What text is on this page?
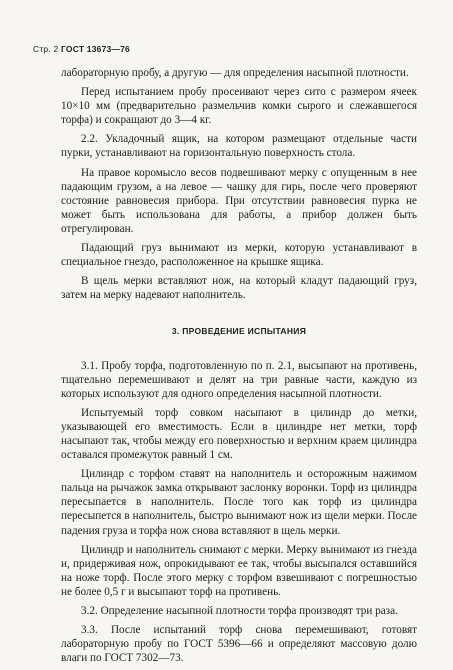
Стр. 2 ГОСТ 13673—76

лабораторную пробу, а другую — для определения насыпной плотности.

Перед испытанием пробу просеивают через сито с размером ячеек 10×10 мм (предварительно размельчив комки сырого и слежавшегося торфа) и сокращают до 3—4 кг.

2.2. Укладочный ящик, на котором размещают отдельные части пурки, устанавливают на горизонтальную поверхность стола.

На правое коромысло весов подвешивают мерку с опущенным в нее падающим грузом, а на левое — чашку для гирь, после чего проверяют состояние равновесия прибора. При отсутствии равновесия пурка не может быть использована для работы, а прибор должен быть отрегулирован.

Падающий груз вынимают из мерки, которую устанавливают в специальное гнездо, расположенное на крышке ящика.

В щель мерки вставляют нож, на который кладут падающий груз, затем на мерку надевают наполнитель.

3. ПРОВЕДЕНИЕ ИСПЫТАНИЯ

3.1. Пробу торфа, подготовленную по п. 2.1, высыпают на противень, тщательно перемешивают и делят на три равные части, каждую из которых используют для одного определения насыпной плотности.

Испытуемый торф совком насыпают в цилиндр до метки, указывающей его вместимость. Если в цилиндре нет метки, торф насыпают так, чтобы между его поверхностью и верхним краем цилиндра оставался промежуток равный 1 см.

Цилиндр с торфом ставят на наполнитель и осторожным нажимом пальца на рычажок замка открывают заслонку воронки. Торф из цилиндра пересыпается в наполнитель. После того как торф из цилиндра пересыпется в наполнитель, быстро вынимают нож из щели мерки. После падения груза и торфа нож снова вставляют в щель мерки.

Цилиндр и наполнитель снимают с мерки. Мерку вынимают из гнезда и, придерживая нож, опрокидывают ее так, чтобы высыпался оставшийся на ноже торф. После этого мерку с торфом взвешивают с погрешностью не более 0,5 г и высыпают торф на противень.

3.2. Определение насыпной плотности торфа производят три раза.

3.3. После испытаний торф снова перемешивают, готовят лабораторную пробу по ГОСТ 5396—66 и определяют массовую долю влаги по ГОСТ 7302—73.
